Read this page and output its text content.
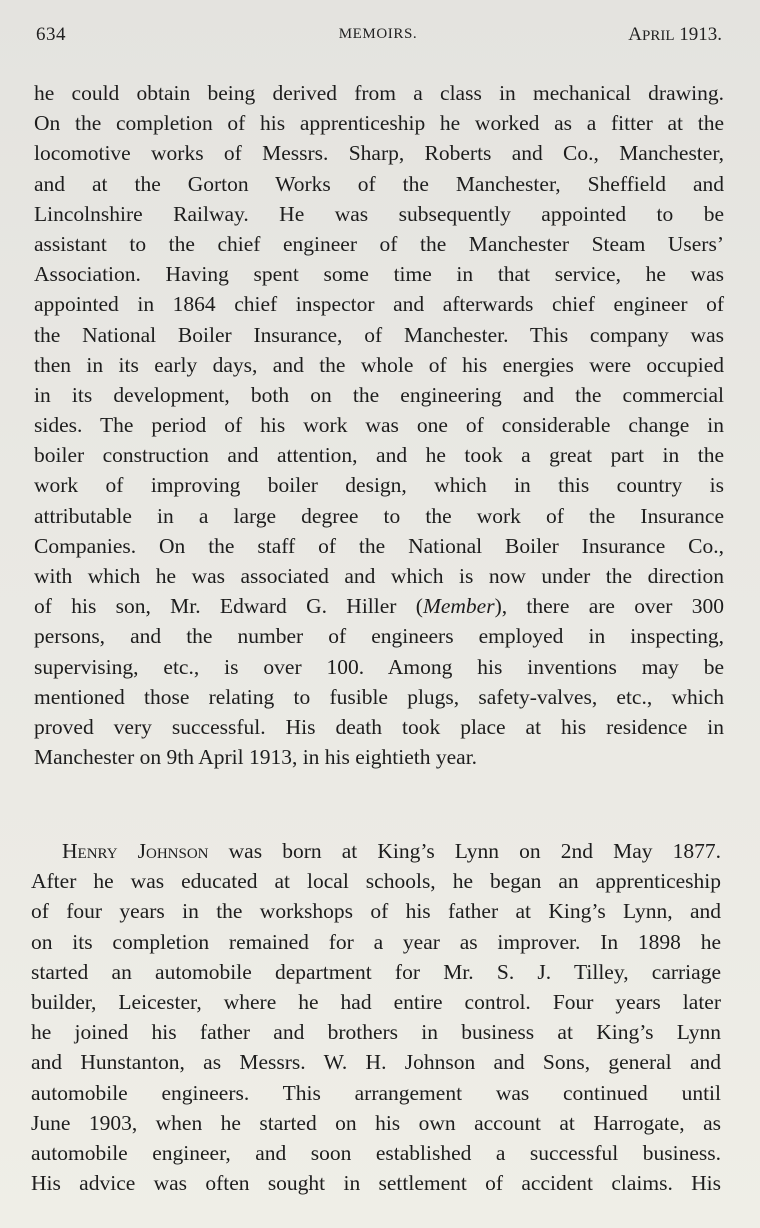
634	MEMOIRS.	APRIL 1913.
he could obtain being derived from a class in mechanical drawing.
On the completion of his apprenticeship he worked as a fitter at the
locomotive works of Messrs. Sharp, Roberts and Co., Manchester,
and at the Gorton Works of the Manchester, Sheffield and
Lincolnshire Railway. He was subsequently appointed to be
assistant to the chief engineer of the Manchester Steam Users’
Association. Having spent some time in that service, he was
appointed in 1864 chief inspector and afterwards chief engineer of
the National Boiler Insurance, of Manchester. This company was
then in its early days, and the whole of his energies were occupied
in its development, both on the engineering and the commercial
sides. The period of his work was one of considerable change in
boiler construction and attention, and he took a great part in the
work of improving boiler design, which in this country is
attributable in a large degree to the work of the Insurance
Companies. On the staff of the National Boiler Insurance Co.,
with which he was associated and which is now under the direction
of his son, Mr. Edward G. Hiller (Member), there are over 300
persons, and the number of engineers employed in inspecting,
supervising, etc., is over 100. Among his inventions may be
mentioned those relating to fusible plugs, safety-valves, etc., which
proved very successful. His death took place at his residence in
Manchester on 9th April 1913, in his eightieth year.
Henry Johnson was born at King’s Lynn on 2nd May 1877.
After he was educated at local schools, he began an apprenticeship
of four years in the workshops of his father at King’s Lynn, and
on its completion remained for a year as improver. In 1898 he
started an automobile department for Mr. S. J. Tilley, carriage
builder, Leicester, where he had entire control. Four years later
he joined his father and brothers in business at King’s Lynn
and Hunstanton, as Messrs. W. H. Johnson and Sons, general and
automobile engineers. This arrangement was continued until
June 1903, when he started on his own account at Harrogate, as
automobile engineer, and soon established a successful business.
His advice was often sought in settlement of accident claims. His
